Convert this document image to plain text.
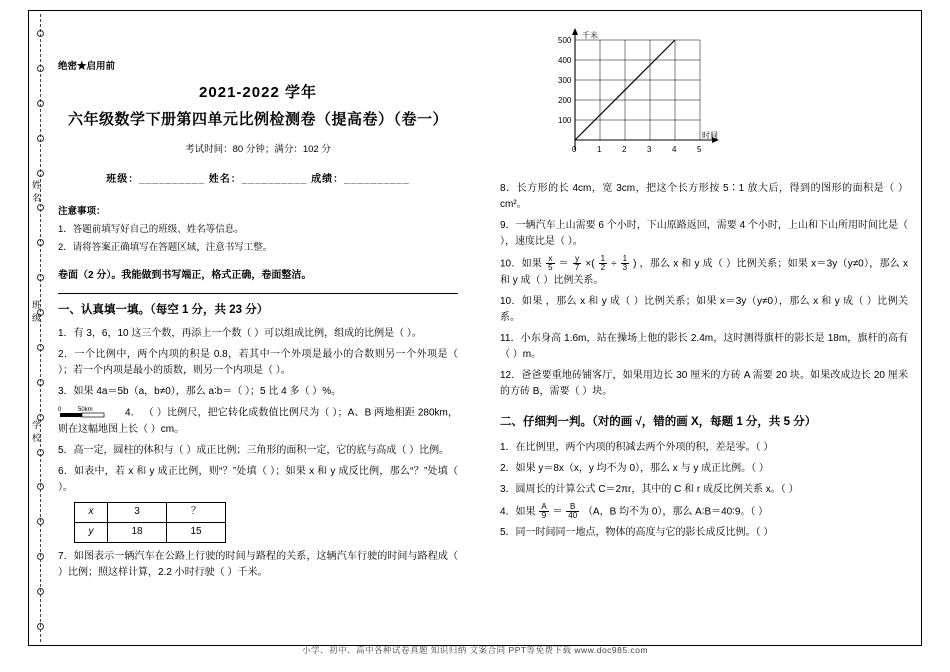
姓名
班级
学校
绝密★启用前
2021-2022 学年
六年级数学下册第四单元比例检测卷（提高卷）（卷一）
考试时间：80 分钟；满分：102 分
班级：__________ 姓名：__________ 成绩：__________
注意事项：
1．答题前填写好自己的班级、姓名等信息。
2．请将答案正确填写在答题区域，注意书写工整。
卷面（2 分）。我能做到书写端正，格式正确，卷面整洁。
一、认真填一填。（每空 1 分，共 23 分）
1．有 3，6，10 这三个数，再添上一个数（ ）可以组成比例，组成的比例是（ ）。
2．一个比例中，两个内项的积是 0.8，若其中一个外项是最小的合数则另一个外项是（ ）；若一个内项是最小的质数，则另一个内项是（ ）。
3．如果 4a＝5b（a，b≠0），那么 a∶b＝（ ）；5 比 4 多（ ）%。
0	50km	4． （ ）比例尺，把它转化成数值比例尺为（ ）；A、B 两地相距 280km，则在这幅地图上长（ ）cm。
5．高一定，圆柱的体积与（ ）成正比例；三角形的面积一定，它的底与高成（ ）比例。
6．如表中，若 x 和 y 成正比例，则“？”处填（ ）；如果 x 和 y 成反比例，那么“？”处填（ ）。
x	3	？
y	18	15
7．如图表示一辆汽车在公路上行驶的时间与路程的关系，这辆汽车行驶的时间与路程成（ ）比例；照这样计算，2.2 小时行驶（ ）千米。
千米
时间
500
400
300
200
100
0	1	2	3	4	5
8．长方形的长 4cm，宽 3cm，把这个长方形按 5∶1 放大后，得到的图形的面积是（ ）cm²。
9．一辆汽车上山需要 6 个小时，下山原路返回，需要 4 个小时，上山和下山所用时间比是（ ），速度比是（ ）。
10．如果 $\frac{x}{5} = \frac{y}{7}$ ×( $\frac{1}{2} \div \frac{1}{3}$ ) ，那么 x 和 y 成（ ）比例关系；如果 x＝3y（y≠0），那么 x 和 y 成（ ）比例关系。
10．如果 ，那么 x 和 y 成（ ）比例关系；如果 x＝3y（y≠0），那么 x 和 y 成（ ）比例关系。
11．小东身高 1.6m，站在操场上他的影长 2.4m，这时测得旗杆的影长是 18m，旗杆的高有（ ）m。
12．爸爸要重地砖铺客厅，如果用边长 30 厘米的方砖 A 需要 20 块。如果改成边长 20 厘米的方砖 B，需要（ ）块。
二、仔细判一判。（对的画 √，错的画 X，每题 1 分，共 5 分）
1．在比例里，两个内项的积减去两个外项的积，差是零。（ ）
2．如果 y＝8x（x，y 均不为 0），那么 x 与 y 成正比例。（ ）
3．圆周长的计算公式 C＝2πr，其中的 C 和 r 成反比例关系 x。（ ）
4．如果 $\frac{A}{9} = \frac{B}{40} (A$，B 均不为 0），那么 A∶B＝40∶9。（ ）
5．同一时间同一地点，物体的高度与它的影长成反比例。（ ）
小学、初中、高中各种试卷真题 知识归纳 文案合同 PPT等免费下载 www.doc985.com
